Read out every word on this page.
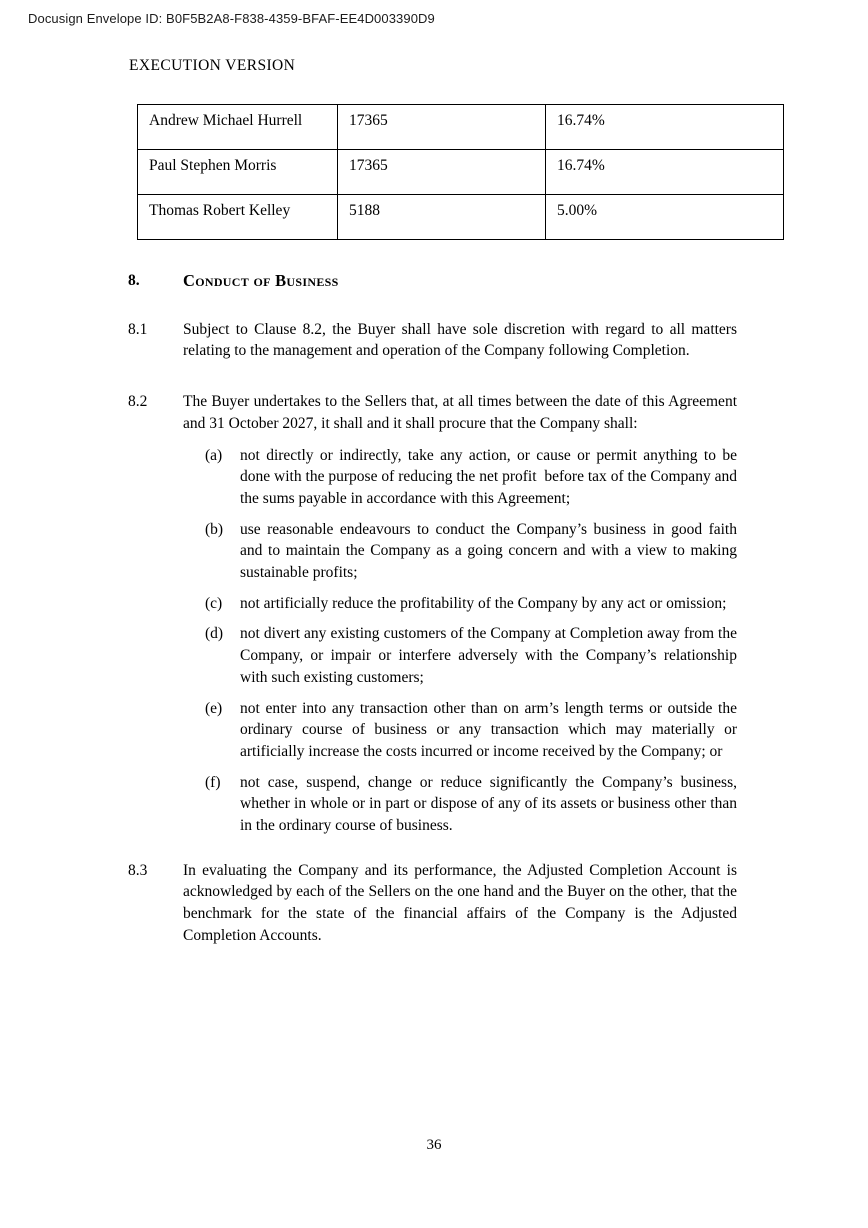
Docusign Envelope ID: B0F5B2A8-F838-4359-BFAF-EE4D003390D9
EXECUTION VERSION
Andrew Michael Hurrell	17365	16.74%
Paul Stephen Morris	17365	16.74%
Thomas Robert Kelley	5188	5.00%
8.	Conduct of Business
8.1	Subject to Clause 8.2, the Buyer shall have sole discretion with regard to all matters relating to the management and operation of the Company following Completion.
8.2	The Buyer undertakes to the Sellers that, at all times between the date of this Agreement and 31 October 2027, it shall and it shall procure that the Company shall:
(a)	not directly or indirectly, take any action, or cause or permit anything to be done with the purpose of reducing the net profit  before tax of the Company and the sums payable in accordance with this Agreement;
(b)	use reasonable endeavours to conduct the Company’s business in good faith and to maintain the Company as a going concern and with a view to making sustainable profits;
(c)	not artificially reduce the profitability of the Company by any act or omission;
(d)	not divert any existing customers of the Company at Completion away from the Company, or impair or interfere adversely with the Company’s relationship with such existing customers;
(e)	not enter into any transaction other than on arm’s length terms or outside the ordinary course of business or any transaction which may materially or artificially increase the costs incurred or income received by the Company; or
(f)	not case, suspend, change or reduce significantly the Company’s business, whether in whole or in part or dispose of any of its assets or business other than in the ordinary course of business.
8.3	In evaluating the Company and its performance, the Adjusted Completion Account is acknowledged by each of the Sellers on the one hand and the Buyer on the other, that the benchmark for the state of the financial affairs of the Company is the Adjusted Completion Accounts.
36
